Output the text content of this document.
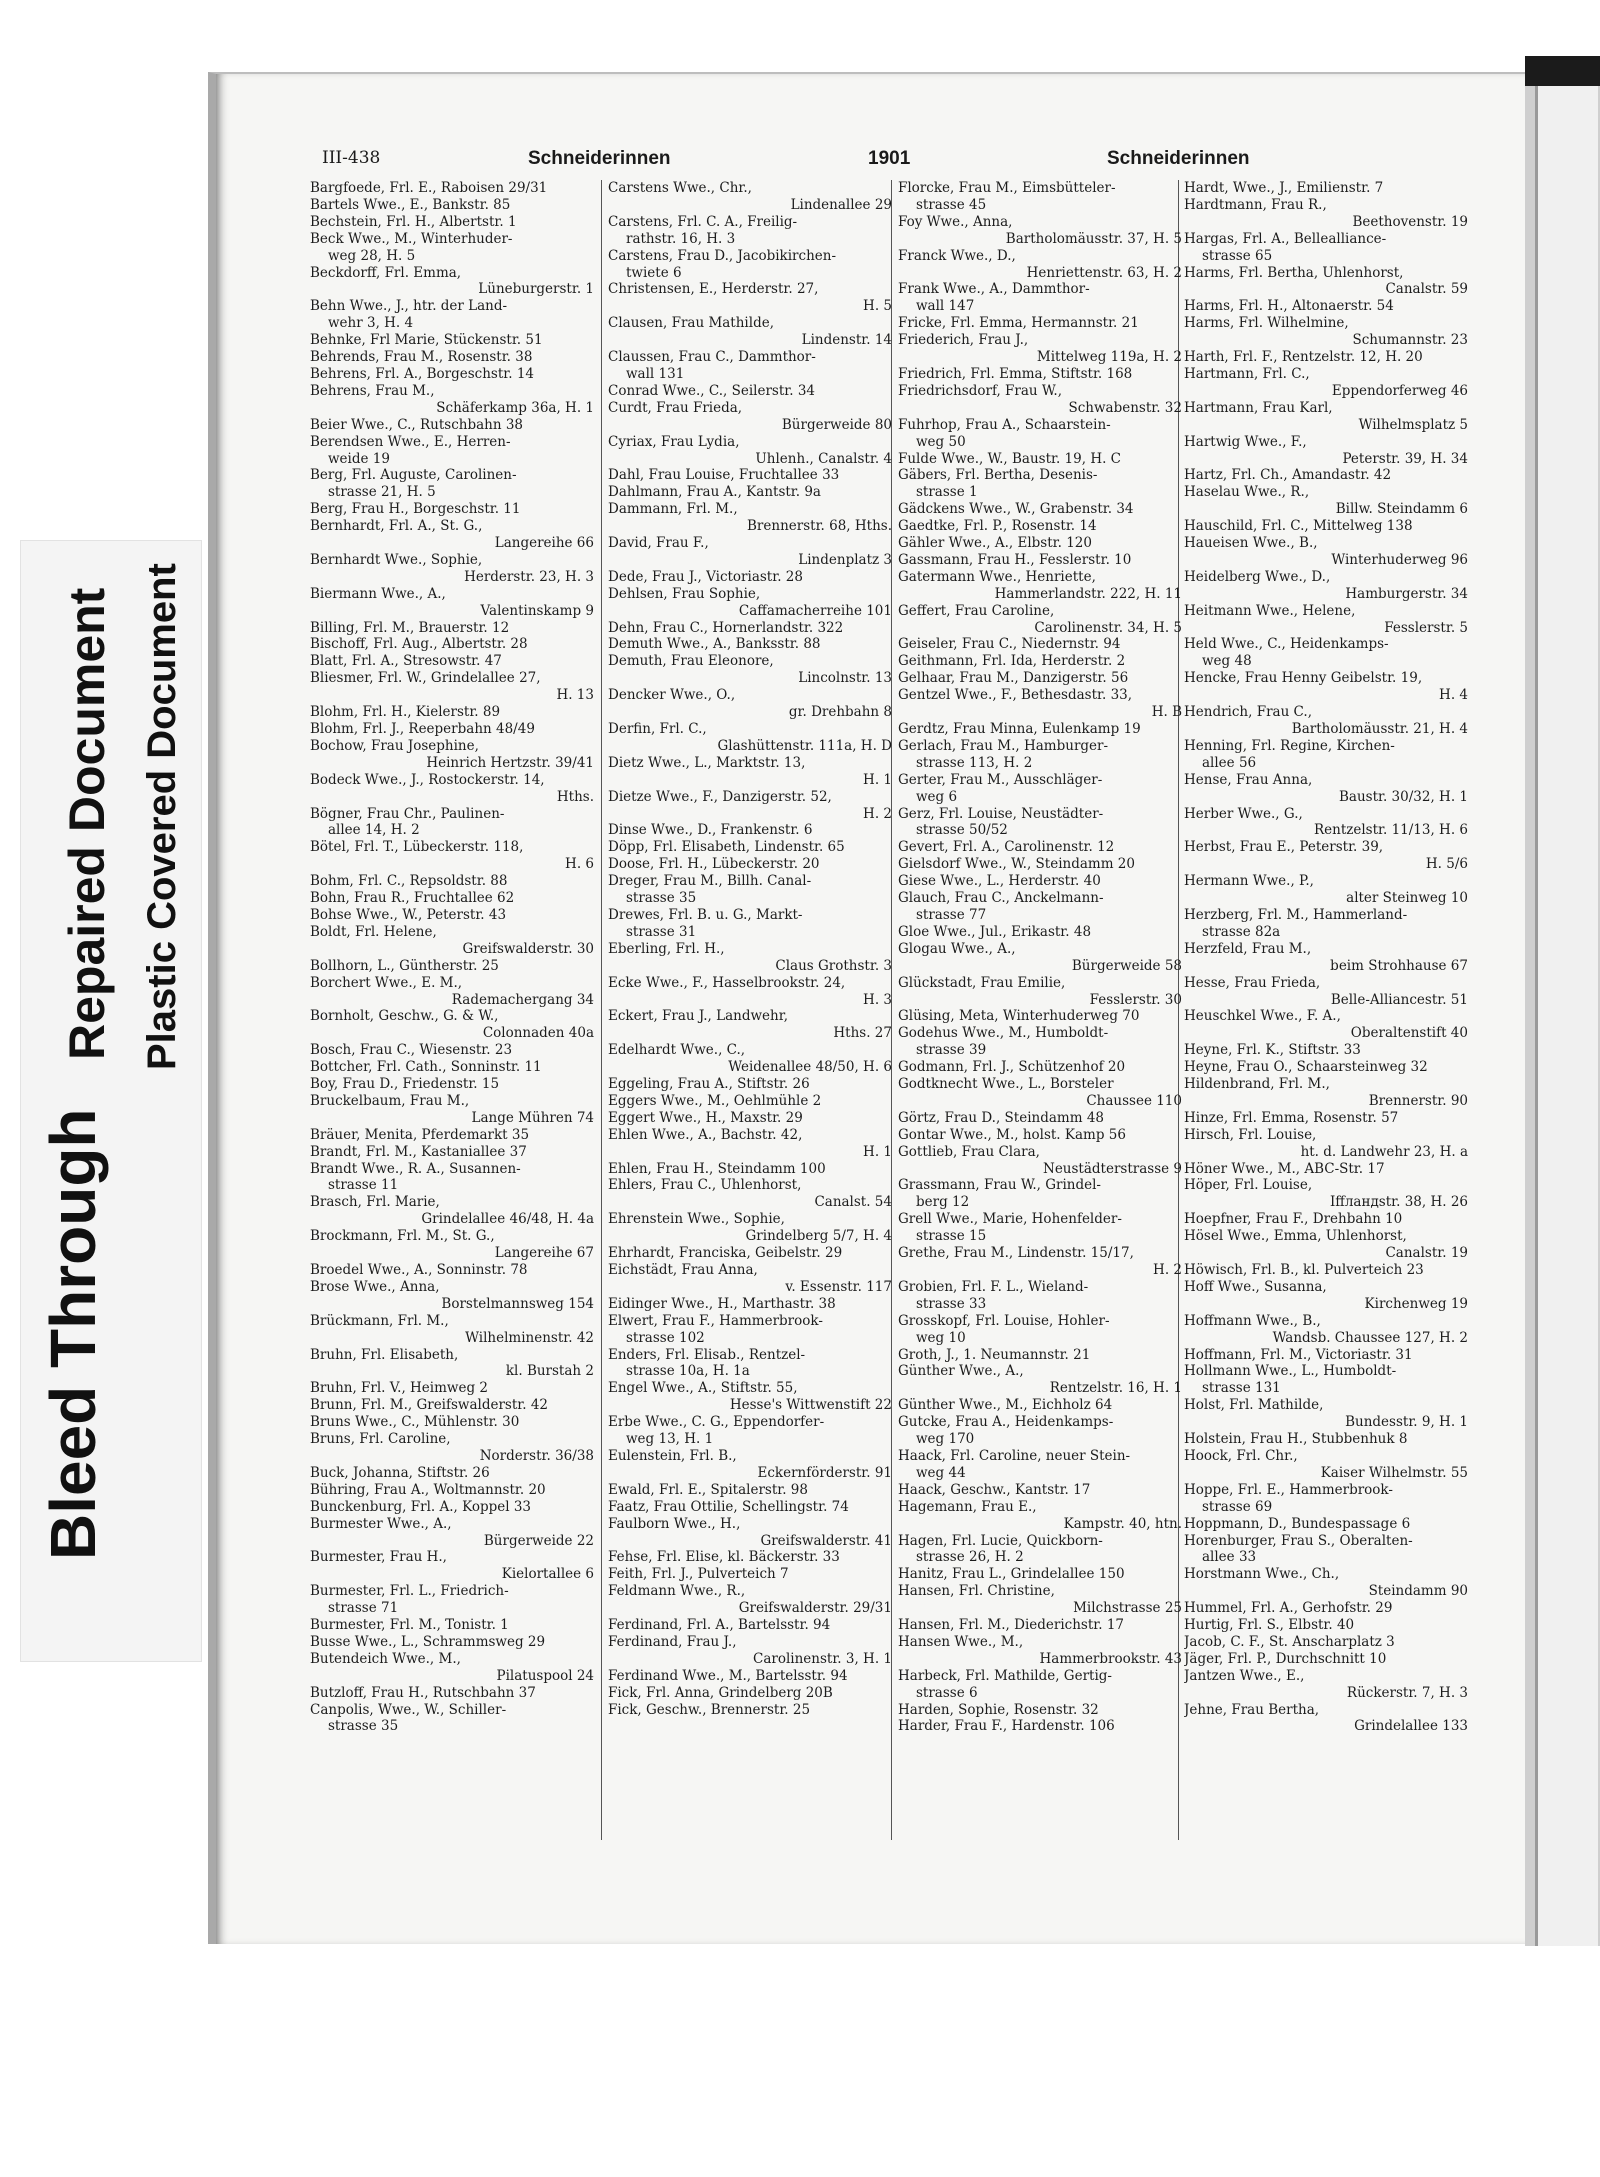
Bleed Through
Repaired Document Plastic Covered Document
III-438	Schneiderinnen	1901	Schneiderinnen
Bargfoede, Frl. E., Raboisen 29/31
Bartels Wwe., E., Bankstr. 85
Bechstein, Frl. H., Albertstr. 1
Beck Wwe., M., Winterhuder-
weg 28, H. 5
Beckdorff, Frl. Emma,
Lüneburgerstr. 1
Behn Wwe., J., htr. der Land-
wehr 3, H. 4
Behnke, Frl Marie, Stückenstr. 51
Behrends, Frau M., Rosenstr. 38
Behrens, Frl. A., Borgeschstr. 14
Behrens, Frau M.,
Schäferkamp 36a, H. 1
Beier Wwe., C., Rutschbahn 38
Berendsen Wwe., E., Herren-
weide 19
Berg, Frl. Auguste, Carolinen-
strasse 21, H. 5
Berg, Frau H., Borgeschstr. 11
Bernhardt, Frl. A., St. G.,
Langereihe 66
Bernhardt Wwe., Sophie,
Herderstr. 23, H. 3
Biermann Wwe., A.,
Valentinskamp 9
Billing, Frl. M., Brauerstr. 12
Bischoff, Frl. Aug., Albertstr. 28
Blatt, Frl. A., Stresowstr. 47
Bliesmer, Frl. W., Grindelallee 27,
H. 13
Blohm, Frl. H., Kielerstr. 89
Blohm, Frl. J., Reeperbahn 48/49
Bochow, Frau Josephine,
Heinrich Hertzstr. 39/41
Bodeck Wwe., J., Rostockerstr. 14,
Hths.
Bögner, Frau Chr., Paulinen-
allee 14, H. 2
Bötel, Frl. T., Lübeckerstr. 118,
H. 6
Bohm, Frl. C., Repsoldstr. 88
Bohn, Frau R., Fruchtallee 62
Bohse Wwe., W., Peterstr. 43
Boldt, Frl. Helene,
Greifswalderstr. 30
Bollhorn, L., Güntherstr. 25
Borchert Wwe., E. M.,
Rademachergang 34
Bornholt, Geschw., G. & W.,
Colonnaden 40a
Bosch, Frau C., Wiesenstr. 23
Bottcher, Frl. Cath., Sonninstr. 11
Boy, Frau D., Friedenstr. 15
Bruckelbaum, Frau M.,
Lange Mühren 74
Bräuer, Menita, Pferdemarkt 35
Brandt, Frl. M., Kastaniallee 37
Brandt Wwe., R. A., Susannen-
strasse 11
Brasch, Frl. Marie,
Grindelallee 46/48, H. 4a
Brockmann, Frl. M., St. G.,
Langereihe 67
Broedel Wwe., A., Sonninstr. 78
Brose Wwe., Anna,
Borstelmannsweg 154
Brückmann, Frl. M.,
Wilhelminenstr. 42
Bruhn, Frl. Elisabeth,
kl. Burstah 2
Bruhn, Frl. V., Heimweg 2
Brunn, Frl. M., Greifswalderstr. 42
Bruns Wwe., C., Mühlenstr. 30
Bruns, Frl. Caroline,
Norderstr. 36/38
Buck, Johanna, Stiftstr. 26
Bühring, Frau A., Woltmannstr. 20
Bunckenburg, Frl. A., Koppel 33
Burmester Wwe., A.,
Bürgerweide 22
Burmester, Frau H.,
Kielortallee 6
Burmester, Frl. L., Friedrich-
strasse 71
Burmester, Frl. M., Tonistr. 1
Busse Wwe., L., Schrammsweg 29
Butendeich Wwe., M.,
Pilatuspool 24
Butzloff, Frau H., Rutschbahn 37
Canpolis, Wwe., W., Schiller-
strasse 35
Carstens Wwe., Chr.,
Lindenallee 29
Carstens, Frl. C. A., Freilig-
rathstr. 16, H. 3
Carstens, Frau D., Jacobikirchen-
twiete 6
Christensen, E., Herderstr. 27,
H. 5
Clausen, Frau Mathilde,
Lindenstr. 14
Claussen, Frau C., Dammthor-
wall 131
Conrad Wwe., C., Seilerstr. 34
Curdt, Frau Frieda,
Bürgerweide 80
Cyriax, Frau Lydia,
Uhlenh., Canalstr. 4
Dahl, Frau Louise, Fruchtallee 33
Dahlmann, Frau A., Kantstr. 9a
Dammann, Frl. M.,
Brennerstr. 68, Hths.
David, Frau F.,
Lindenplatz 3
Dede, Frau J., Victoriastr. 28
Dehlsen, Frau Sophie,
Caffamacherreihe 101
Dehn, Frau C., Hornerlandstr. 322
Demuth Wwe., A., Banksstr. 88
Demuth, Frau Eleonore,
Lincolnstr. 13
Dencker Wwe., O.,
gr. Drehbahn 8
Derfin, Frl. C.,
Glashüttenstr. 111a, H. D
Dietz Wwe., L., Marktstr. 13,
H. 1
Dietze Wwe., F., Danzigerstr. 52,
H. 2
Dinse Wwe., D., Frankenstr. 6
Döpp, Frl. Elisabeth, Lindenstr. 65
Doose, Frl. H., Lübeckerstr. 20
Dreger, Frau M., Billh. Canal-
strasse 35
Drewes, Frl. B. u. G., Markt-
strasse 31
Eberling, Frl. H.,
Claus Grothstr. 3
Ecke Wwe., F., Hasselbrookstr. 24,
H. 3
Eckert, Frau J., Landwehr,
Hths. 27
Edelhardt Wwe., C.,
Weidenallee 48/50, H. 6
Eggeling, Frau A., Stiftstr. 26
Eggers Wwe., M., Oehlmühle 2
Eggert Wwe., H., Maxstr. 29
Ehlen Wwe., A., Bachstr. 42,
H. 1
Ehlen, Frau H., Steindamm 100
Ehlers, Frau C., Uhlenhorst,
Canalst. 54
Ehrenstein Wwe., Sophie,
Grindelberg 5/7, H. 4
Ehrhardt, Franciska, Geibelstr. 29
Eichstädt, Frau Anna,
v. Essenstr. 117
Eidinger Wwe., H., Marthastr. 38
Elwert, Frau F., Hammerbrook-
strasse 102
Enders, Frl. Elisab., Rentzel-
strasse 10a, H. 1a
Engel Wwe., A., Stiftstr. 55,
Hesse's Wittwenstift 22
Erbe Wwe., C. G., Eppendorfer-
weg 13, H. 1
Eulenstein, Frl. B.,
Eckernförderstr. 91
Ewald, Frl. E., Spitalerstr. 98
Faatz, Frau Ottilie, Schellingstr. 74
Faulborn Wwe., H.,
Greifswalderstr. 41
Fehse, Frl. Elise, kl. Bäckerstr. 33
Feith, Frl. J., Pulverteich 7
Feldmann Wwe., R.,
Greifswalderstr. 29/31
Ferdinand, Frl. A., Bartelsstr. 94
Ferdinand, Frau J.,
Carolinenstr. 3, H. 1
Ferdinand Wwe., M., Bartelsstr. 94
Fick, Frl. Anna, Grindelberg 20B
Fick, Geschw., Brennerstr. 25
Florcke, Frau M., Eimsbütteler-
strasse 45
Foy Wwe., Anna,
Bartholomäusstr. 37, H. 5
Franck Wwe., D.,
Henriettenstr. 63, H. 2
Frank Wwe., A., Dammthor-
wall 147
Fricke, Frl. Emma, Hermannstr. 21
Friederich, Frau J.,
Mittelweg 119a, H. 2
Friedrich, Frl. Emma, Stiftstr. 168
Friedrichsdorf, Frau W.,
Schwabenstr. 32
Fuhrhop, Frau A., Schaarstein-
weg 50
Fulde Wwe., W., Baustr. 19, H. C
Gäbers, Frl. Bertha, Desenis-
strasse 1
Gädckens Wwe., W., Grabenstr. 34
Gaedtke, Frl. P., Rosenstr. 14
Gähler Wwe., A., Elbstr. 120
Gassmann, Frau H., Fesslerstr. 10
Gatermann Wwe., Henriette,
Hammerlandstr. 222, H. 11
Geffert, Frau Caroline,
Carolinenstr. 34, H. 5
Geiseler, Frau C., Niedernstr. 94
Geithmann, Frl. Ida, Herderstr. 2
Gelhaar, Frau M., Danzigerstr. 56
Gentzel Wwe., F., Bethesdastr. 33,
H. B
Gerdtz, Frau Minna, Eulenkamp 19
Gerlach, Frau M., Hamburger-
strasse 113, H. 2
Gerter, Frau M., Ausschläger-
weg 6
Gerz, Frl. Louise, Neustädter-
strasse 50/52
Gevert, Frl. A., Carolinenstr. 12
Gielsdorf Wwe., W., Steindamm 20
Giese Wwe., L., Herderstr. 40
Glauch, Frau C., Anckelmann-
strasse 77
Gloe Wwe., Jul., Erikastr. 48
Glogau Wwe., A.,
Bürgerweide 58
Glückstadt, Frau Emilie,
Fesslerstr. 30
Glüsing, Meta, Winterhuderweg 70
Godehus Wwe., M., Humboldt-
strasse 39
Godmann, Frl. J., Schützenhof 20
Godtknecht Wwe., L., Borsteler
Chaussee 110
Görtz, Frau D., Steindamm 48
Gontar Wwe., M., holst. Kamp 56
Gottlieb, Frau Clara,
Neustädterstrasse 9
Grassmann, Frau W., Grindel-
berg 12
Grell Wwe., Marie, Hohenfelder-
strasse 15
Grethe, Frau M., Lindenstr. 15/17,
H. 2
Grobien, Frl. F. L., Wieland-
strasse 33
Grosskopf, Frl. Louise, Hohler-
weg 10
Groth, J., 1. Neumannstr. 21
Günther Wwe., A.,
Rentzelstr. 16, H. 1
Günther Wwe., M., Eichholz 64
Gutcke, Frau A., Heidenkamps-
weg 170
Haack, Frl. Caroline, neuer Stein-
weg 44
Haack, Geschw., Kantstr. 17
Hagemann, Frau E.,
Kampstr. 40, htn.
Hagen, Frl. Lucie, Quickborn-
strasse 26, H. 2
Hanitz, Frau L., Grindelallee 150
Hansen, Frl. Christine,
Milchstrasse 25
Hansen, Frl. M., Diederichstr. 17
Hansen Wwe., M.,
Hammerbrookstr. 43
Harbeck, Frl. Mathilde, Gertig-
strasse 6
Harden, Sophie, Rosenstr. 32
Harder, Frau F., Hardenstr. 106
Hardt, Wwe., J., Emilienstr. 7
Hardtmann, Frau R.,
Beethovenstr. 19
Hargas, Frl. A., Bellealliance-
strasse 65
Harms, Frl. Bertha, Uhlenhorst,
Canalstr. 59
Harms, Frl. H., Altonaerstr. 54
Harms, Frl. Wilhelmine,
Schumannstr. 23
Harth, Frl. F., Rentzelstr. 12, H. 20
Hartmann, Frl. C.,
Eppendorferweg 46
Hartmann, Frau Karl,
Wilhelmsplatz 5
Hartwig Wwe., F.,
Peterstr. 39, H. 34
Hartz, Frl. Ch., Amandastr. 42
Haselau Wwe., R.,
Billw. Steindamm 6
Hauschild, Frl. C., Mittelweg 138
Haueisen Wwe., B.,
Winterhuderweg 96
Heidelberg Wwe., D.,
Hamburgerstr. 34
Heitmann Wwe., Helene,
Fesslerstr. 5
Held Wwe., C., Heidenkamps-
weg 48
Hencke, Frau Henny Geibelstr. 19,
H. 4
Hendrich, Frau C.,
Bartholomäusstr. 21, H. 4
Henning, Frl. Regine, Kirchen-
allee 56
Hense, Frau Anna,
Baustr. 30/32, H. 1
Herber Wwe., G.,
Rentzelstr. 11/13, H. 6
Herbst, Frau E., Peterstr. 39,
H. 5/6
Hermann Wwe., P.,
alter Steinweg 10
Herzberg, Frl. M., Hammerland-
strasse 82a
Herzfeld, Frau M.,
beim Strohhause 67
Hesse, Frau Frieda,
Belle-Alliancestr. 51
Heuschkel Wwe., F. A.,
Oberaltenstift 40
Heyne, Frl. K., Stiftstr. 33
Heyne, Frau O., Schaarsteinweg 32
Hildenbrand, Frl. M.,
Brennerstr. 90
Hinze, Frl. Emma, Rosenstr. 57
Hirsch, Frl. Louise,
ht. d. Landwehr 23, H. a
Höner Wwe., M., ABC-Str. 17
Höper, Frl. Louise,
Iffландstr. 38, H. 26
Hoepfner, Frau F., Drehbahn 10
Hösel Wwe., Emma, Uhlenhorst,
Canalstr. 19
Höwisch, Frl. B., kl. Pulverteich 23
Hoff Wwe., Susanna,
Kirchenweg 19
Hoffmann Wwe., B.,
Wandsb. Chaussee 127, H. 2
Hoffmann, Frl. M., Victoriastr. 31
Hollmann Wwe., L., Humboldt-
strasse 131
Holst, Frl. Mathilde,
Bundesstr. 9, H. 1
Holstein, Frau H., Stubbenhuk 8
Hoock, Frl. Chr.,
Kaiser Wilhelmstr. 55
Hoppe, Frl. E., Hammerbrook-
strasse 69
Hoppmann, D., Bundespassage 6
Horenburger, Frau S., Oberalten-
allee 33
Horstmann Wwe., Ch.,
Steindamm 90
Hummel, Frl. A., Gerhofstr. 29
Hurtig, Frl. S., Elbstr. 40
Jacob, C. F., St. Anscharplatz 3
Jäger, Frl. P., Durchschnitt 10
Jantzen Wwe., E.,
Rückerstr. 7, H. 3
Jehne, Frau Bertha,
Grindelallee 133
